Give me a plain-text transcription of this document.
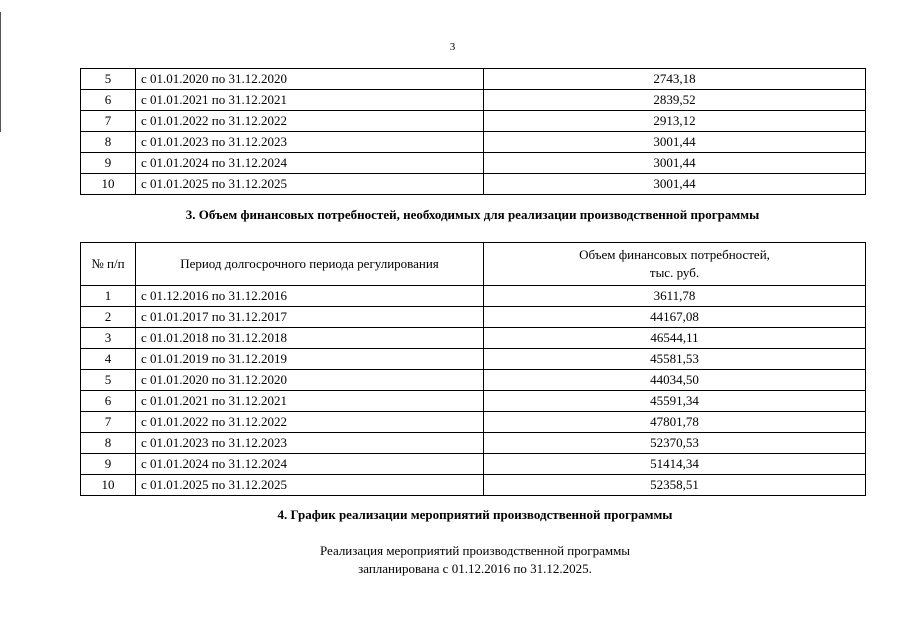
3
5	с 01.01.2020 по 31.12.2020	2743,18
6	с 01.01.2021 по 31.12.2021	2839,52
7	с 01.01.2022 по 31.12.2022	2913,12
8	с 01.01.2023 по 31.12.2023	3001,44
9	с 01.01.2024 по 31.12.2024	3001,44
10	с 01.01.2025 по 31.12.2025	3001,44
3. Объем финансовых потребностей, необходимых для реализации производственной программы
№ п/п	Период долгосрочного периода регулирования	Объем финансовых потребностей,
тыс. руб.

1	с 01.12.2016 по 31.12.2016	3611,78
2	с 01.01.2017 по 31.12.2017	44167,08
3	с 01.01.2018 по 31.12.2018	46544,11
4	с 01.01.2019 по 31.12.2019	45581,53
5	с 01.01.2020 по 31.12.2020	44034,50
6	с 01.01.2021 по 31.12.2021	45591,34
7	с 01.01.2022 по 31.12.2022	47801,78
8	с 01.01.2023 по 31.12.2023	52370,53
9	с 01.01.2024 по 31.12.2024	51414,34
10	с 01.01.2025 по 31.12.2025	52358,51
4. График реализации мероприятий производственной программы
Реализация мероприятий производственной программы
запланирована с 01.12.2016 по 31.12.2025.
